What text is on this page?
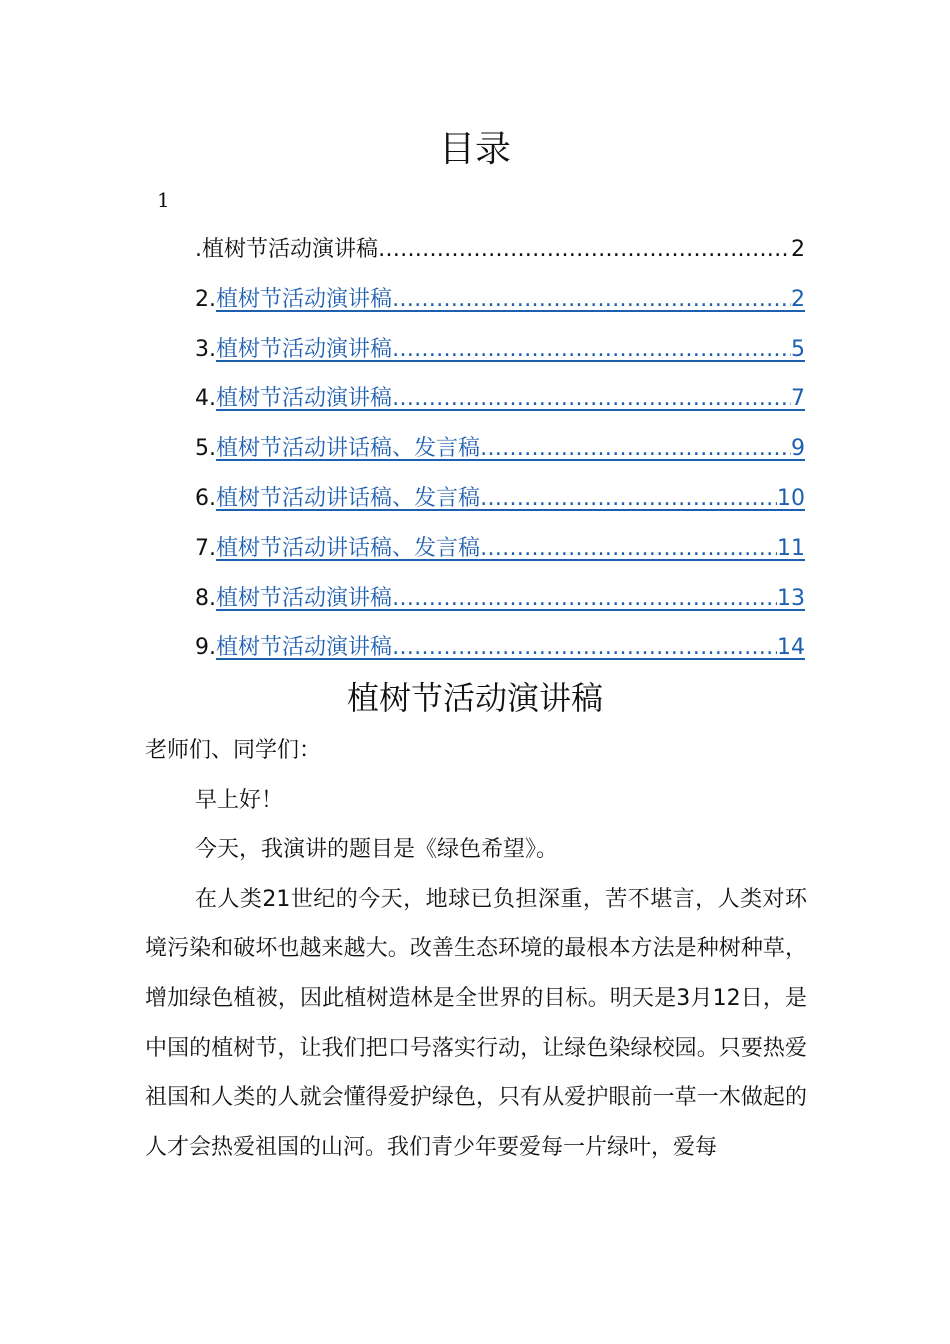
目录
1
.植树节活动演讲稿 …………………………………………………………………………………………………………………………………………………	2
2. 植树节活动演讲稿 …………………………………………………………………………………………………………………………………………………	2
3. 植树节活动演讲稿 …………………………………………………………………………………………………………………………………………………	5
4. 植树节活动演讲稿 …………………………………………………………………………………………………………………………………………………	7
5. 植树节活动讲话稿、发言稿 …………………………………………………………………………………………………………………………………………………	9
6. 植树节活动讲话稿、发言稿 …………………………………………………………………………………………………………………………………………………	10
7. 植树节活动讲话稿、发言稿 …………………………………………………………………………………………………………………………………………………	11
8. 植树节活动演讲稿 …………………………………………………………………………………………………………………………………………………	13
9. 植树节活动演讲稿 …………………………………………………………………………………………………………………………………………………	14
植树节活动演讲稿

老师们、同学们：

早上好！

今天，我演讲的题目是《绿色希望》。

在人类21世纪的今天，地球已负担深重，苦不堪言，人类对环境污染和破坏也越来越大。改善生态环境的最根本方法是种树种草，增加绿色植被，因此植树造林是全世界的目标。明天是3月12日，是中国的植树节，让我们把口号落实行动，让绿色染绿校园。只要热爱祖国和人类的人就会懂得爱护绿色，只有从爱护眼前一草一木做起的人才会热爱祖国的山河。我们青少年要爱每一片绿叶，爱每
